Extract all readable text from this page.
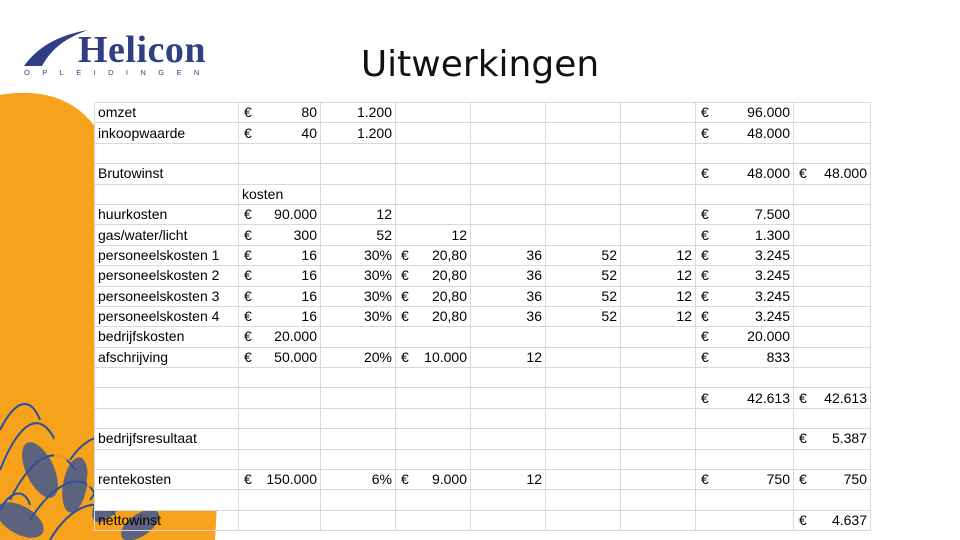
Helicon
OPLEIDINGEN	Uitwerkingen
omzet	€ 80	1.200					€ 96.000	

inkoopwaarde	€ 40	1.200					€ 48.000	

Brutowinst							€ 48.000	€ 48.000

	kosten							
huurkosten	€ 90.000	12					€ 7.500	

gas/water/licht	€ 300	52	12				€ 1.300	

personeelskosten 1	€ 16	30%	€ 20,80	36	52	12	€ 3.245	

personeelskosten 2	€ 16	30%	€ 20,80	36	52	12	€ 3.245	

personeelskosten 3	€ 16	30%	€ 20,80	36	52	12	€ 3.245	

personeelskosten 4	€ 16	30%	€ 20,80	36	52	12	€ 3.245	

bedrijfskosten	€ 20.000						€ 20.000	

afschrijving	€ 50.000	20%	€ 10.000	12			€ 833	

							€ 42.613	€ 42.613

bedrijfsresultaat								€ 5.387

rentekosten	€ 150.000	6%	€ 9.000	12			€ 750	€ 750

nettowinst								€ 4.637
